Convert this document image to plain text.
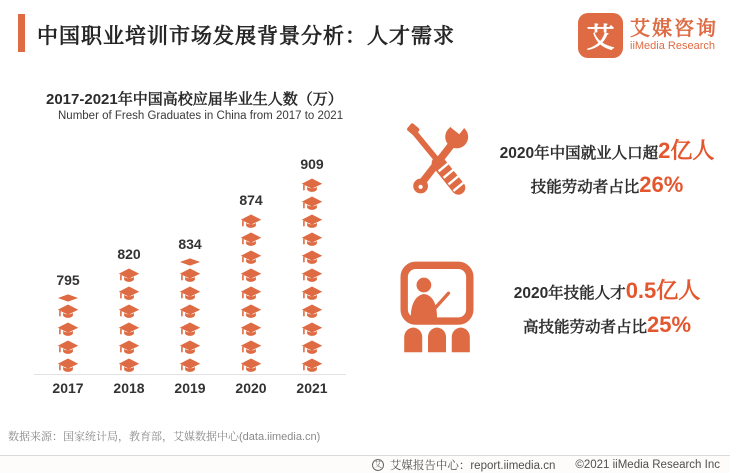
中国职业培训市场发展背景分析：人才需求	艾 艾媒咨询
iiMedia Research
2017-2021年中国高校应届毕业生人数（万）
Number of Fresh Graduates in China from 2017 to 2021
795
820
834
874
909
2017	2018	2019	2020	2021
2020年中国就业人口超2亿人
技能劳动者占比26%
2020年技能人才0.5亿人
高技能劳动者占比25%
数据来源：国家统计局，教育部，艾媒数据中心(data.iimedia.cn)
艾 艾媒报告中心：report.iimedia.cn ©2021 iiMedia Research Inc
